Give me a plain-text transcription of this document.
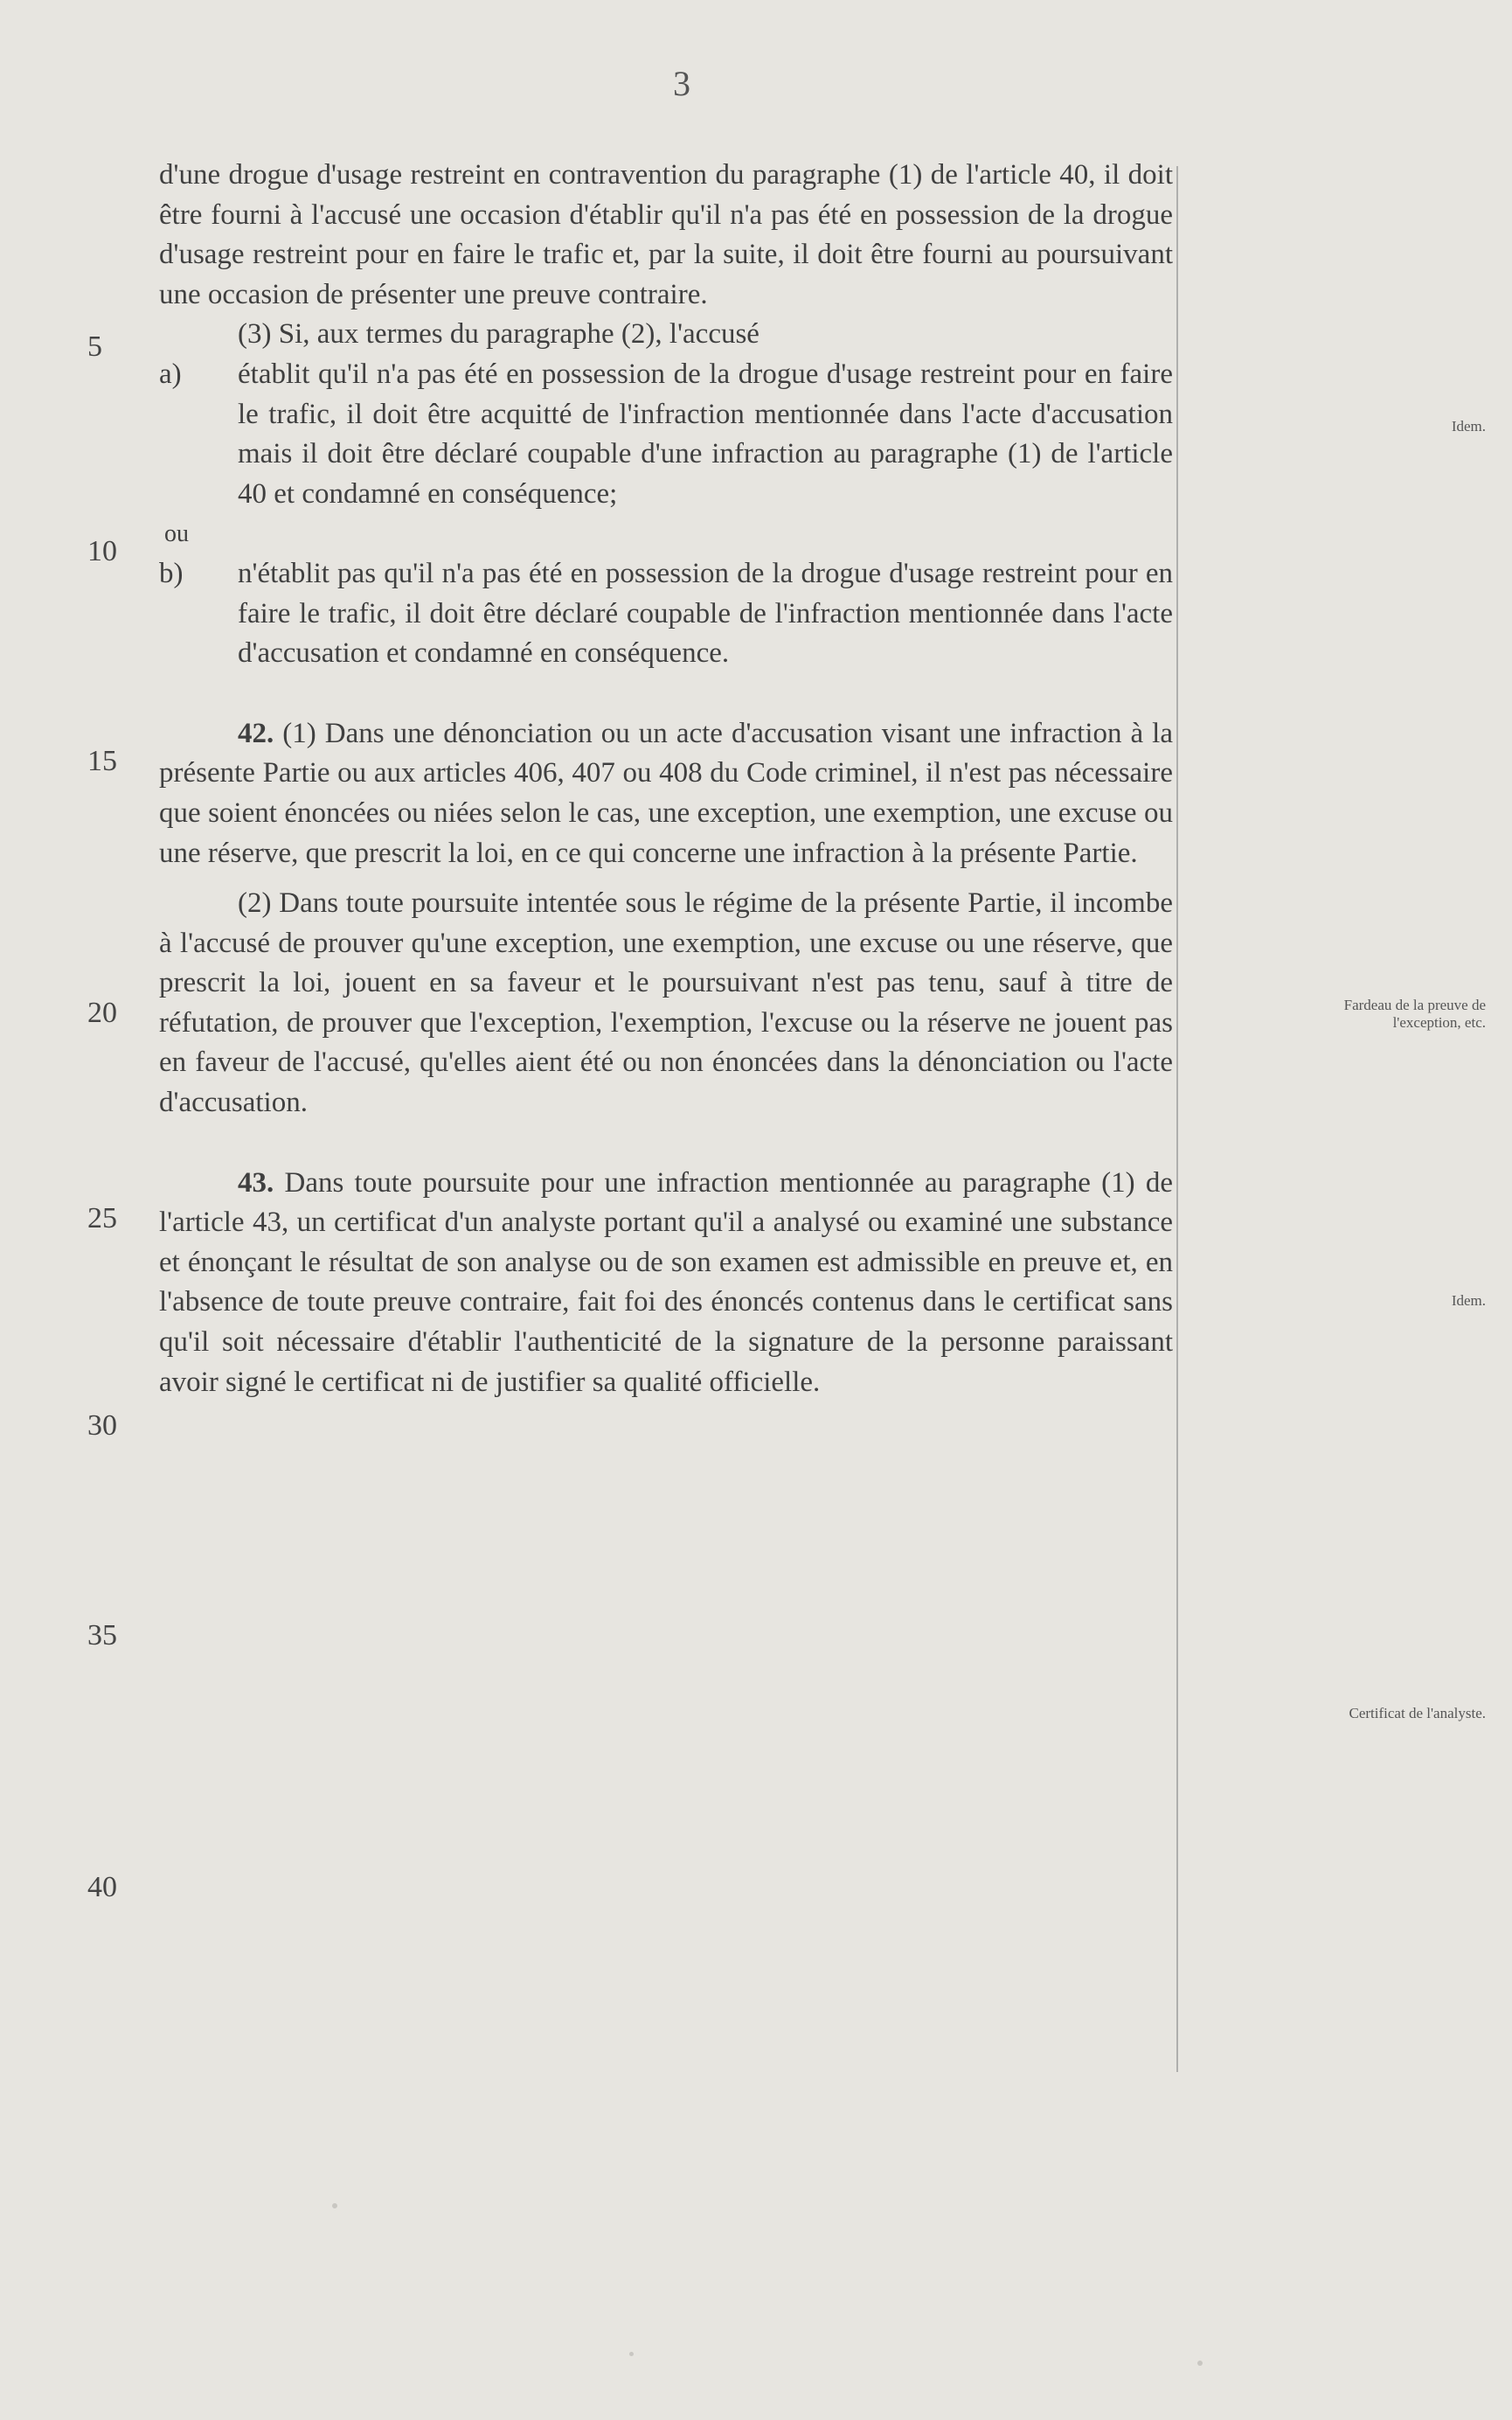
3

d'une drogue d'usage restreint en contravention du paragraphe (1) de l'article 40, il doit être fourni à l'accusé une occasion d'établir qu'il n'a pas été en possession de la drogue d'usage restreint pour en faire le trafic et, par la suite, il doit être fourni au poursuivant une occasion de présenter une preuve contraire.

(3) Si, aux termes du paragraphe (2), l'accusé

a)	établit qu'il n'a pas été en possession de la drogue d'usage restreint pour en faire le trafic, il doit être acquitté de l'infraction mentionnée dans l'acte d'accusation mais il doit être déclaré coupable d'une infraction au paragraphe (1) de l'article 40 et condamné en conséquence;

ou

b)	n'établit pas qu'il n'a pas été en possession de la drogue d'usage restreint pour en faire le trafic, il doit être déclaré coupable de l'infraction mentionnée dans l'acte d'accusation et condamné en conséquence.

42. (1) Dans une dénonciation ou un acte d'accusation visant une infraction à la présente Partie ou aux articles 406, 407 ou 408 du Code criminel, il n'est pas nécessaire que soient énoncées ou niées selon le cas, une exception, une exemption, une excuse ou une réserve, que prescrit la loi, en ce qui concerne une infraction à la présente Partie.

(2) Dans toute poursuite intentée sous le régime de la présente Partie, il incombe à l'accusé de prouver qu'une exception, une exemption, une excuse ou une réserve, que prescrit la loi, jouent en sa faveur et le poursuivant n'est pas tenu, sauf à titre de réfutation, de prouver que l'exception, l'exemption, l'excuse ou la réserve ne jouent pas en faveur de l'accusé, qu'elles aient été ou non énoncées dans la dénonciation ou l'acte d'accusation.

43. Dans toute poursuite pour une infraction mentionnée au paragraphe (1) de l'article 43, un certificat d'un analyste portant qu'il a analysé ou examiné une substance et énonçant le résultat de son analyse ou de son examen est admissible en preuve et, en l'absence de toute preuve contraire, fait foi des énoncés contenus dans le certificat sans qu'il soit nécessaire d'établir l'authenticité de la signature de la personne paraissant avoir signé le certificat ni de justifier sa qualité officielle.

5
10
15
20
25
30
35
40
Idem.
Fardeau de la preuve de l'exception, etc.
Idem.
Certificat de l'analyste.
